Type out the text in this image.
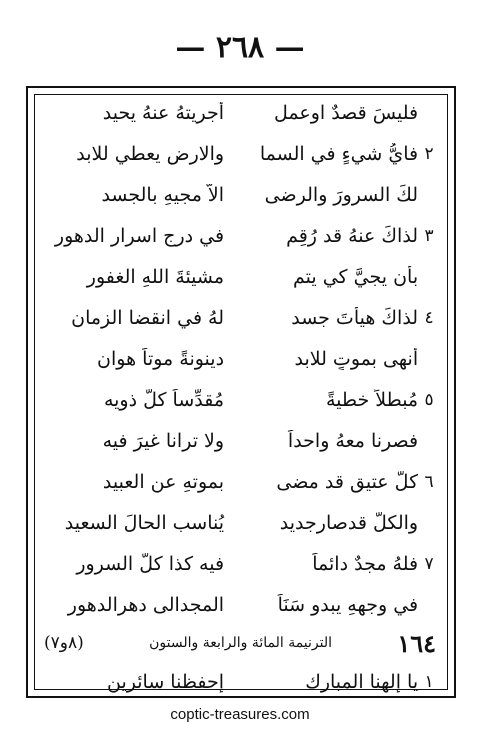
— ٢٦٨ —
فليسَ قصدٌ اوعمل
أجريتهُ عنهُ يحيد
٢
فايُّ شيءٍ في السما
والارض يعطي للابد
لكَ السرورَ والرضى
الاَّ مجيهِ بالجسد
٣
لذاكَ عنهُ قد رُقِم
في درجٍ اسرار الدهور
بأن يجيَّ كي يتم
مشيئةَ اللهِ الغفور
٤
لذاكَ هيأتَ جسد
لهُ في انقضا الزمان
أنهى بموتٍ للابد
دينونةً موتاً هوان
٥
مُبطلاً خطيةً
مُقدِّساً كلَّ ذويه
فصرنا معهُ واحداً
ولا ترانا غيرَ فيه
٦
كلُّ عتيقٍ قد مضى
بموتهِ عن العبيد
والكلُّ قدصارجديد
يُناسب الحالَ السعيد
٧
فلهُ مجدٌ دائماً
فيه كذا كلُّ السرور
في وجههِ يبدو سَنَاً
المجدالى دهرالدهور
١٦٤
الترنيمة المائة والرابعة والستون
(٨و٧)
١
يا إِلهنا المبارك
إِحفظنا سائرين
coptic-treasures.com
